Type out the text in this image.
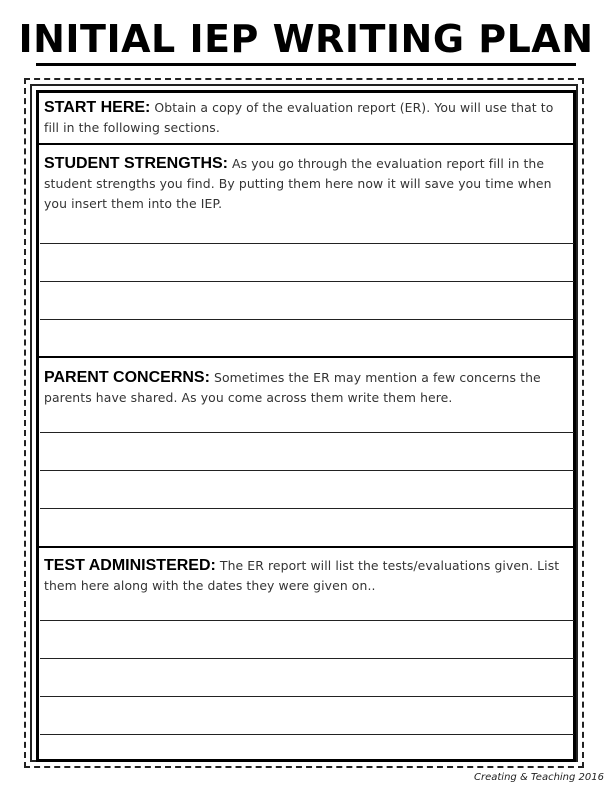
INITIAL IEP WRITING PLAN
START HERE: Obtain a copy of the evaluation report (ER). You will use that to fill in the following sections.
STUDENT STRENGTHS: As you go through the evaluation report fill in the student strengths you find. By putting them here now it will save you time when you insert them into the IEP.
PARENT CONCERNS: Sometimes the ER may mention a few concerns the parents have shared. As you come across them write them here.
TEST ADMINISTERED: The ER report will list the tests/evaluations given. List them here along with the dates they were given on..
Creating & Teaching 2016
